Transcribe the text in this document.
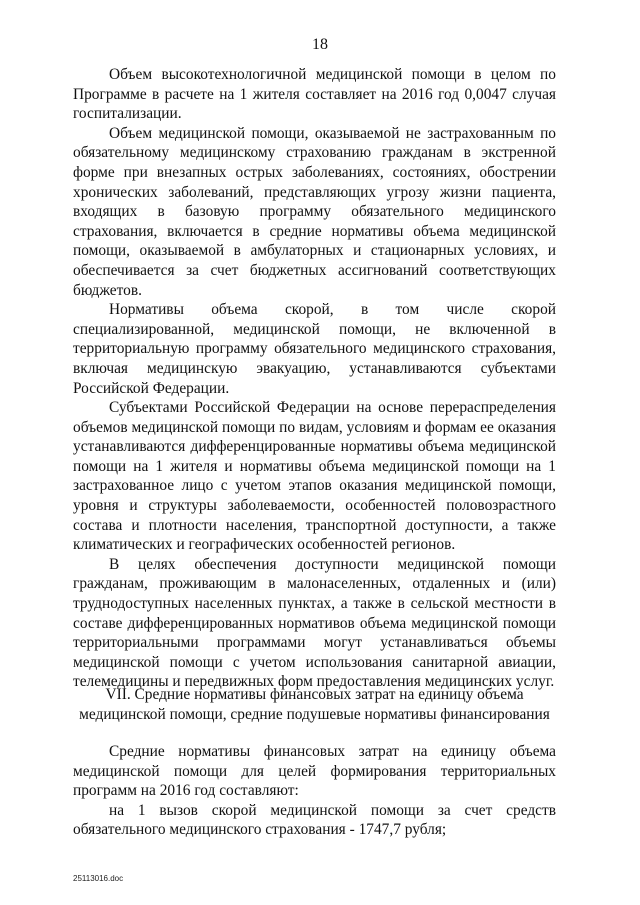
18

Объем высокотехнологичной медицинской помощи в целом по Программе в расчете на 1 жителя составляет на 2016 год 0,0047 случая госпитализации.

Объем медицинской помощи, оказываемой не застрахованным по обязательному медицинскому страхованию гражданам в экстренной форме при внезапных острых заболеваниях, состояниях, обострении хронических заболеваний, представляющих угрозу жизни пациента, входящих в базовую программу обязательного медицинского страхования, включается в средние нормативы объема медицинской помощи, оказываемой в амбулаторных и стационарных условиях, и обеспечивается за счет бюджетных ассигнований соответствующих бюджетов.

Нормативы объема скорой, в том числе скорой специализированной, медицинской помощи, не включенной в территориальную программу обязательного медицинского страхования, включая медицинскую эвакуацию, устанавливаются субъектами Российской Федерации.

Субъектами Российской Федерации на основе перераспределения объемов медицинской помощи по видам, условиям и формам ее оказания устанавливаются дифференцированные нормативы объема медицинской помощи на 1 жителя и нормативы объема медицинской помощи на 1 застрахованное лицо с учетом этапов оказания медицинской помощи, уровня и структуры заболеваемости, особенностей половозрастного состава и плотности населения, транспортной доступности, а также климатических и географических особенностей регионов.

В целях обеспечения доступности медицинской помощи гражданам, проживающим в малонаселенных, отдаленных и (или) труднодоступных населенных пунктах, а также в сельской местности в составе дифференцированных нормативов объема медицинской помощи территориальными программами могут устанавливаться объемы медицинской помощи с учетом использования санитарной авиации, телемедицины и передвижных форм предоставления медицинских услуг.

VII. Средние нормативы финансовых затрат на единицу объема
медицинской помощи, средние подушевые нормативы финансирования

Средние нормативы финансовых затрат на единицу объема медицинской помощи для целей формирования территориальных программ на 2016 год составляют:

на 1 вызов скорой медицинской помощи за счет средств обязательного медицинского страхования - 1747,7 рубля;

25113016.doc
